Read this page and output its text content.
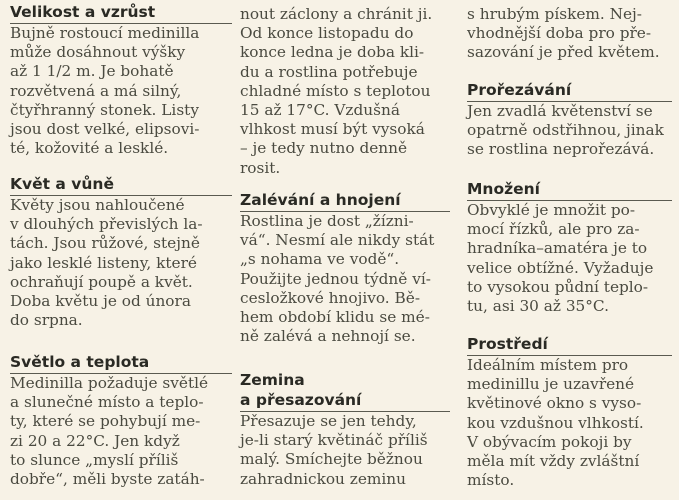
Velikost a vzrůst
Bujně rostoucí medinilla
může dosáhnout výšky
až 1 1/2 m. Je bohatě
rozvětvená a má silný,
čtyřhranný stonek. Listy
jsou dost velké, elipsovi-
té, kožovité a lesklé.
Květ a vůně
Květy jsou nahloučené
v dlouhých převislých la-
tách. Jsou růžové, stejně
jako lesklé listeny, které
ochraňují poupě a květ.
Doba květu je od února
do srpna.
Světlo a teplota
Medinilla požaduje světlé
a slunečné místo a teplo-
ty, které se pohybují me-
zi 20 a 22°C. Jen když
to slunce „myslí příliš
dobře“, měli byste zatáh-
nout záclony a chránit ji.
Od konce listopadu do
konce ledna je doba kli-
du a rostlina potřebuje
chladné místo s teplotou
15 až 17°C. Vzdušná
vlhkost musí být vysoká
– je tedy nutno denně
rosit.
Zalévání a hnojení
Rostlina je dost „žízni-
vá“. Nesmí ale nikdy stát
„s nohama ve vodě“.
Použijte jednou týdně ví-
cesložkové hnojivo. Bě-
hem období klidu se mé-
ně zalévá a nehnojí se.
Zemina
a přesazování
Přesazuje se jen tehdy,
je-li starý květináč příliš
malý. Smíchejte běžnou
zahradnickou zeminu
s hrubým pískem. Nej-
vhodnější doba pro pře-
sazování je před květem.
Prořezávání
Jen zvadlá květenství se
opatrně odstřihnou, jinak
se rostlina neprořezává.
Množení
Obvyklé je množit po-
mocí řízků, ale pro za-
hradníka–amatéra je to
velice obtížné. Vyžaduje
to vysokou půdní teplo-
tu, asi 30 až 35°C.
Prostředí
Ideálním místem pro
medinillu je uzavřené
květinové okno s vyso-
kou vzdušnou vlhkostí.
V obývacím pokoji by
měla mít vždy zvláštní
místo.
